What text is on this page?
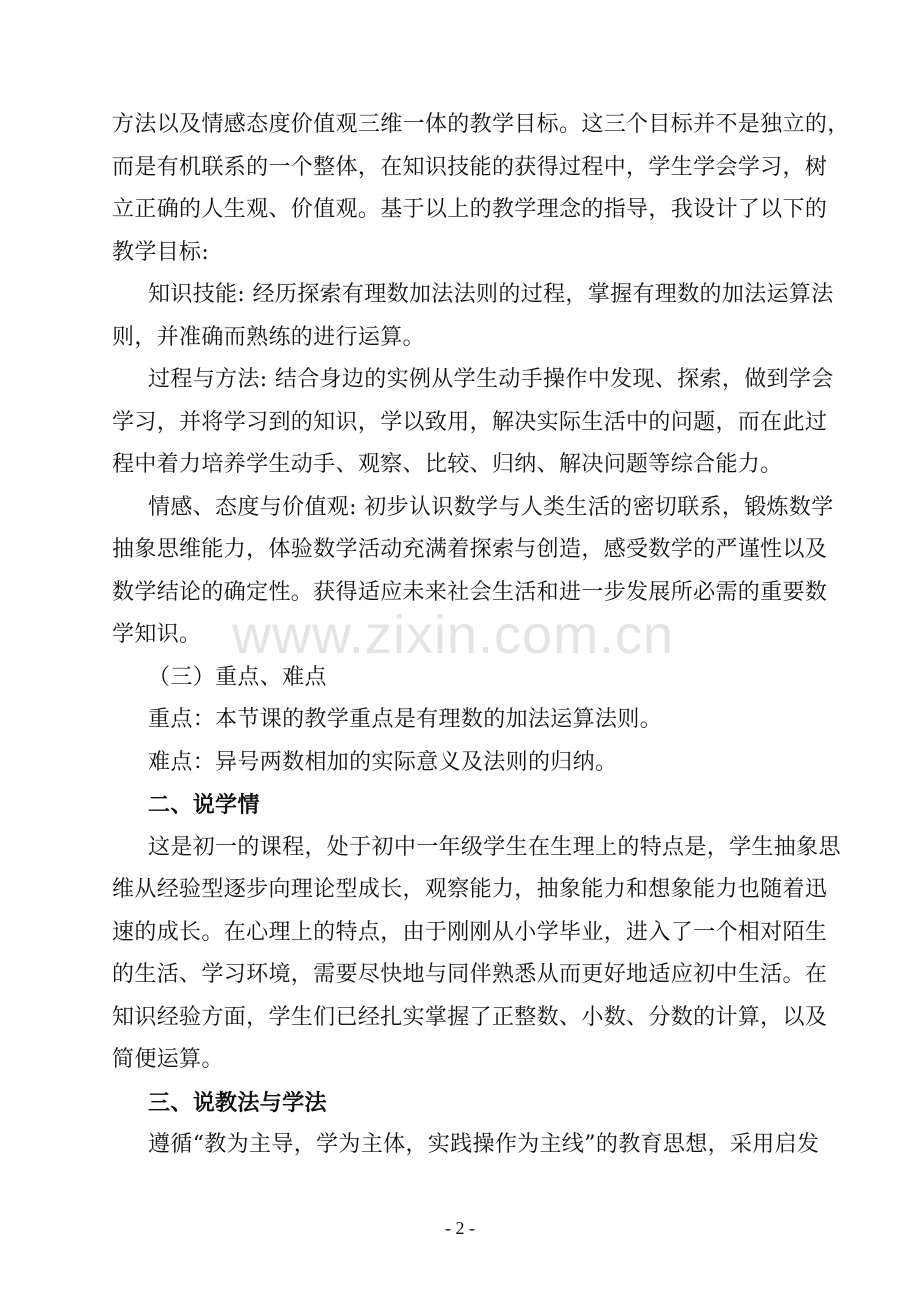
方法以及情感态度价值观三维一体的教学目标。这三个目标并不是独立的，
而是有机联系的一个整体，在知识技能的获得过程中，学生学会学习，树
立正确的人生观、价值观。基于以上的教学理念的指导，我设计了以下的
教学目标:
知识技能: 经历探索有理数加法法则的过程，掌握有理数的加法运算法
则，并准确而熟练的进行运算。
过程与方法: 结合身边的实例从学生动手操作中发现、探索，做到学会
学习，并将学习到的知识，学以致用，解决实际生活中的问题，而在此过
程中着力培养学生动手、观察、比较、归纳、解决问题等综合能力。
情感、态度与价值观: 初步认识数学与人类生活的密切联系，锻炼数学
抽象思维能力，体验数学活动充满着探索与创造，感受数学的严谨性以及
数学结论的确定性。获得适应未来社会生活和进一步发展所必需的重要数
学知识。
（三）重点、难点
重点：本节课的教学重点是有理数的加法运算法则。
难点：异号两数相加的实际意义及法则的归纳。
二、说学情
这是初一的课程，处于初中一年级学生在生理上的特点是，学生抽象思
维从经验型逐步向理论型成长，观察能力，抽象能力和想象能力也随着迅
速的成长。在心理上的特点，由于刚刚从小学毕业，进入了一个相对陌生
的生活、学习环境，需要尽快地与同伴熟悉从而更好地适应初中生活。在
知识经验方面，学生们已经扎实掌握了正整数、小数、分数的计算，以及
简便运算。
三、说教法与学法
遵循“教为主导，学为主体，实践操作为主线”的教育思想，采用启发
www.zixin.com.cn
- 2 -
